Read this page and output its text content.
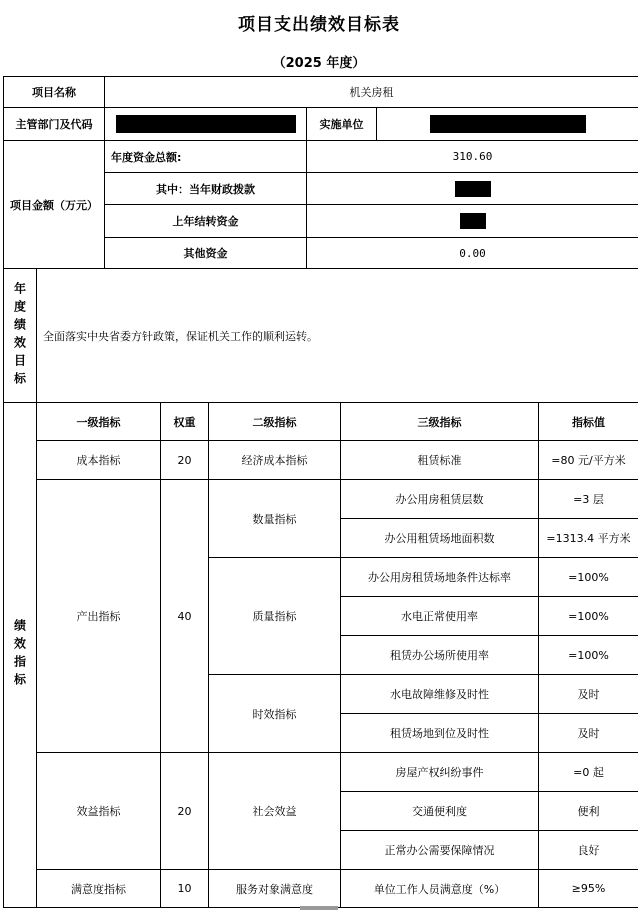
项目支出绩效目标表
（2025 年度）
项目名称	机关房租		
主管部门及代码		实施单位	
项目金额（万元）	年度资金总额:	310.60
	其中：当年财政拨款	
	上年结转资金	
	其他资金	0.00
年度绩效目标	全面落实中央省委方针政策，保证机关工作的顺利运转。
绩效指标	一级指标	权重	二级指标	三级指标	指标值
	成本指标	20	经济成本指标	租赁标准	=80 元/平方米
	产出指标	40	数量指标	办公用房租赁层数	=3 层
				办公用租赁场地面积数	=1313.4 平方米
			质量指标	办公用房租赁场地条件达标率	=100%
				水电正常使用率	=100%
				租赁办公场所使用率	=100%
			时效指标	水电故障维修及时性	及时
				租赁场地到位及时性	及时
	效益指标	20	社会效益	房屋产权纠纷事件	=0 起
				交通便利度	便利
				正常办公需要保障情况	良好
	满意度指标	10	服务对象满意度	单位工作人员满意度（%）	≥95%
